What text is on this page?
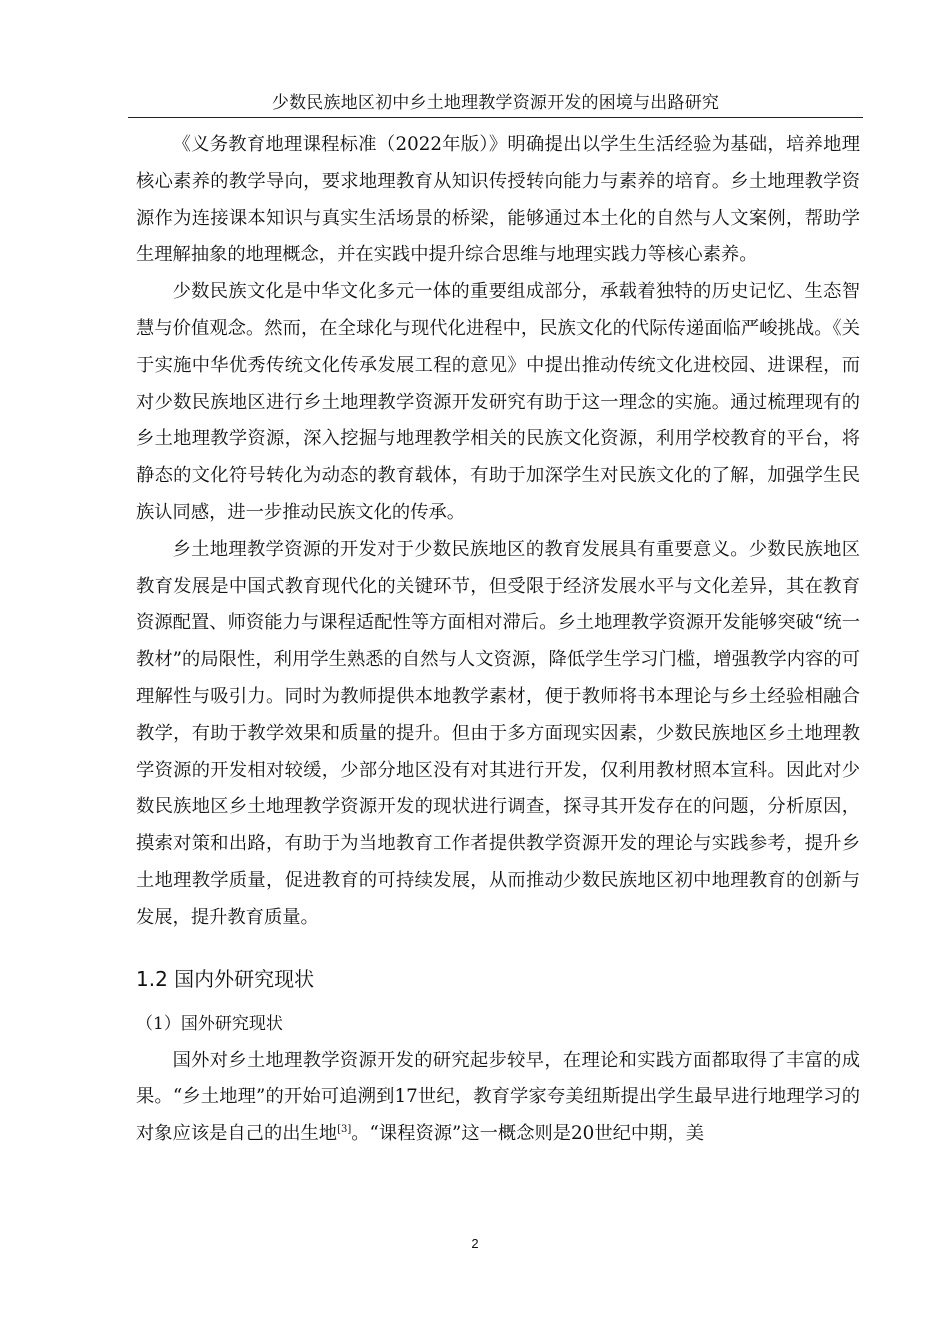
少数民族地区初中乡土地理教学资源开发的困境与出路研究

《义务教育地理课程标准（2022年版）》明确提出以学生生活经验为基础，培养地理核心素养的教学导向，要求地理教育从知识传授转向能力与素养的培育。乡土地理教学资源作为连接课本知识与真实生活场景的桥梁，能够通过本土化的自然与人文案例，帮助学生理解抽象的地理概念，并在实践中提升综合思维与地理实践力等核心素养。

少数民族文化是中华文化多元一体的重要组成部分，承载着独特的历史记忆、生态智慧与价值观念。然而，在全球化与现代化进程中，民族文化的代际传递面临严峻挑战。《关于实施中华优秀传统文化传承发展工程的意见》中提出推动传统文化进校园、进课程，而对少数民族地区进行乡土地理教学资源开发研究有助于这一理念的实施。通过梳理现有的乡土地理教学资源，深入挖掘与地理教学相关的民族文化资源，利用学校教育的平台，将静态的文化符号转化为动态的教育载体，有助于加深学生对民族文化的了解，加强学生民族认同感，进一步推动民族文化的传承。

乡土地理教学资源的开发对于少数民族地区的教育发展具有重要意义。少数民族地区教育发展是中国式教育现代化的关键环节，但受限于经济发展水平与文化差异，其在教育资源配置、师资能力与课程适配性等方面相对滞后。乡土地理教学资源开发能够突破“统一教材”的局限性，利用学生熟悉的自然与人文资源，降低学生学习门槛，增强教学内容的可理解性与吸引力。同时为教师提供本地教学素材，便于教师将书本理论与乡土经验相融合教学，有助于教学效果和质量的提升。但由于多方面现实因素，少数民族地区乡土地理教学资源的开发相对较缓，少部分地区没有对其进行开发，仅利用教材照本宣科。因此对少数民族地区乡土地理教学资源开发的现状进行调查，探寻其开发存在的问题，分析原因，摸索对策和出路，有助于为当地教育工作者提供教学资源开发的理论与实践参考，提升乡土地理教学质量，促进教育的可持续发展，从而推动少数民族地区初中地理教育的创新与发展，提升教育质量。

1.2 国内外研究现状

（1）国外研究现状

国外对乡土地理教学资源开发的研究起步较早，在理论和实践方面都取得了丰富的成果。“乡土地理”的开始可追溯到17世纪，教育学家夸美纽斯提出学生最早进行地理学习的对象应该是自己的出生地[3]。“课程资源”这一概念则是20世纪中期，美

2
